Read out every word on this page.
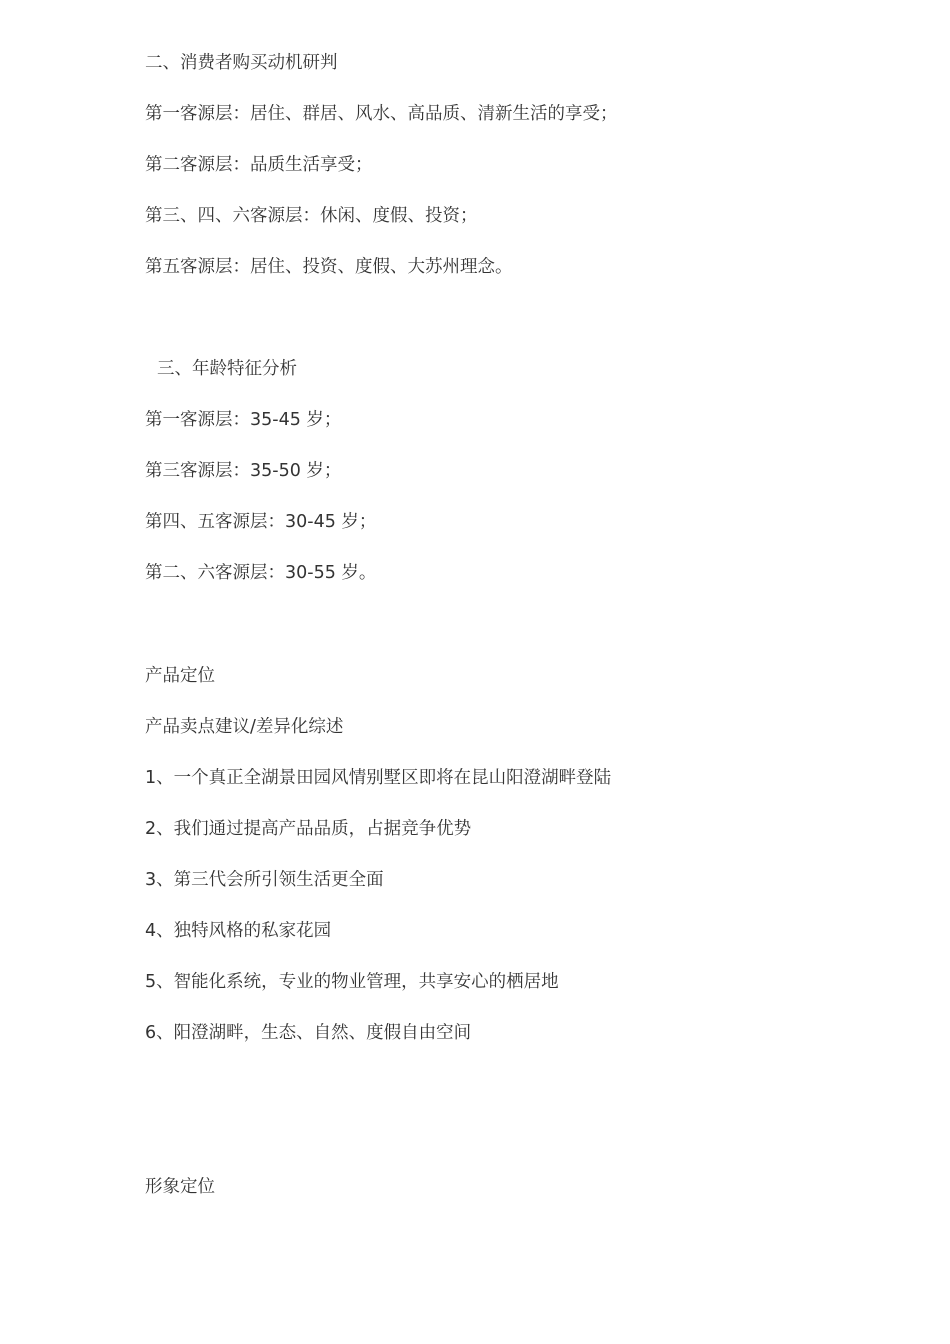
二、消费者购买动机研判
第一客源层：居住、群居、风水、高品质、清新生活的享受；
第二客源层：品质生活享受；
第三、四、六客源层：休闲、度假、投资；
第五客源层：居住、投资、度假、大苏州理念。
三、年龄特征分析
第一客源层：35-45 岁；
第三客源层：35-50 岁；
第四、五客源层：30-45 岁；
第二、六客源层：30-55 岁。
产品定位
产品卖点建议/差异化综述
1、一个真正全湖景田园风情别墅区即将在昆山阳澄湖畔登陆
2、我们通过提高产品品质，占据竞争优势
3、第三代会所引领生活更全面
4、独特风格的私家花园
5、智能化系统，专业的物业管理，共享安心的栖居地
6、阳澄湖畔，生态、自然、度假自由空间
形象定位
